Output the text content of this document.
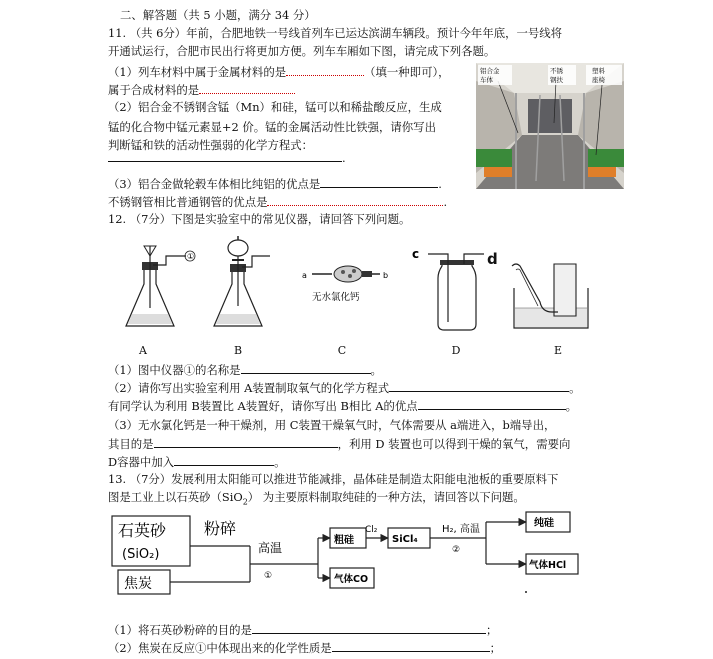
二、解答题（共 5 小题，满分 34 分）
11. （共 6分）年前，合肥地铁一号线首列车已运达滨湖车辆段。预计今年年底，一号线将
开通试运行，合肥市民出行将更加方便。列车车厢如下图，请完成下列各题。
（1）列车材料中属于金属材料的是	（填一种即可），
属于合成材料的是
（2）铝合金不锈钢含锰（Mn）和硅，锰可以和稀盐酸反应，生成
锰的化合物中锰元素显+2 价。锰的金属活动性比铁强，请你写出
判断锰和铁的活动性强弱的化学方程式：
.
（3）铝合金做轮毂车体相比纯铝的优点是	.
不锈钢管相比普通钢管的优点是	.
铝合金
车体
不锈
钢扶
塑料
座椅
12. （7分）下图是实验室中的常见仪器，请回答下列问题。
①
a	b
无水氯化钙
c	d
A	B	C	D	E
（1）图中仪器①的名称是	。
（2）请你写出实验室利用 A装置制取氧气的化学方程式	。
有同学认为利用 B装置比 A装置好，请你写出 B相比 A的优点	。
（3）无水氯化钙是一种干燥剂，用 C装置干燥氧气时，气体需要从 a端进入，b端导出，
其目的是	，利用 D 装置也可以得到干燥的氧气，需要向
D容器中加入	。
13. （7分）发展利用太阳能可以推进节能减排，晶体硅是制造太阳能电池板的重要原料下
图是工业上以石英砂（SiO$_2$） 为主要原料制取纯硅的一种方法，请回答以下问题。
石英砂
(SiO₂)
粉碎
焦炭
高温
①
粗硅
气体CO
Cl₂
SiCl₄
H₂, 高温
②
纯硅
气体HCl
（1）将石英砂粉碎的目的是	；
（2）焦炭在反应①中体现出来的化学性质是	；
